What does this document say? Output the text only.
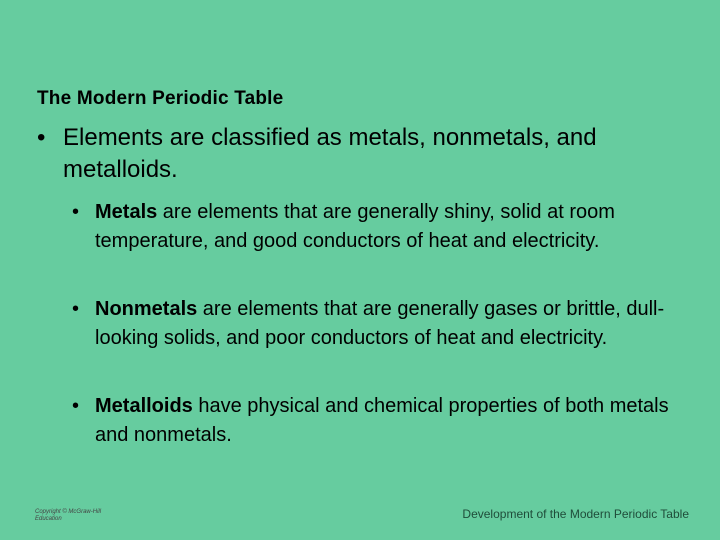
The Modern Periodic Table
• Elements are classified as metals, nonmetals, and metalloids.
• Metals are elements that are generally shiny, solid at room temperature, and good conductors of heat and electricity.
• Nonmetals are elements that are generally gases or brittle, dull-looking solids, and poor conductors of heat and electricity.
• Metalloids have physical and chemical properties of both metals and nonmetals.
Copyright © McGraw-Hill Education	Development of the Modern Periodic Table
